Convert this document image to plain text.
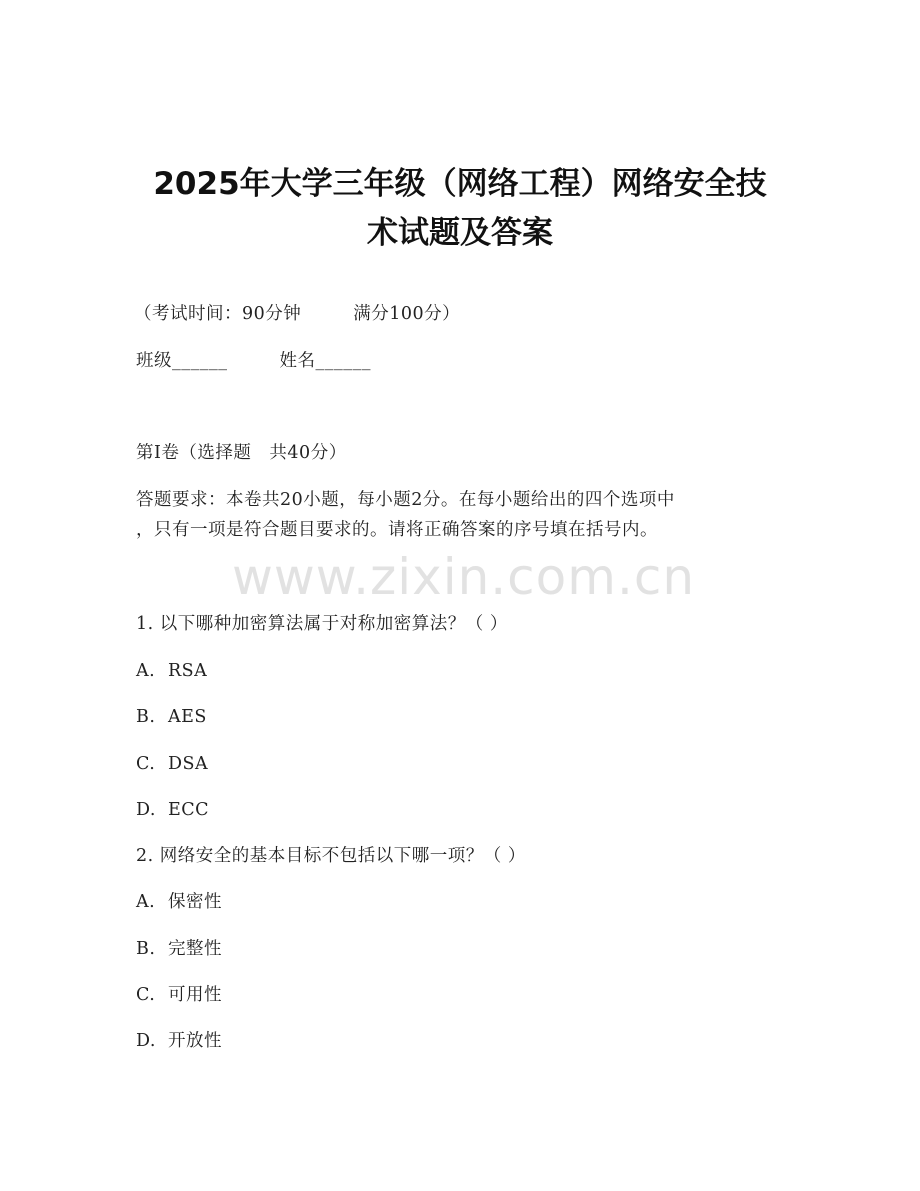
2025年大学三年级（网络工程）网络安全技
术试题及答案
（考试时间：90分钟	满分100分）
班级______	姓名______
第I卷（选择题 共40分）
答题要求：本卷共20小题，每小题2分。在每小题给出的四个选项中
，只有一项是符合题目要求的。请将正确答案的序号填在括号内。
www.zixin.com.cn
1. 以下哪种加密算法属于对称加密算法？（ ）
A. RSA
B. AES
C. DSA
D. ECC
2. 网络安全的基本目标不包括以下哪一项？（ ）
A. 保密性
B. 完整性
C. 可用性
D. 开放性
